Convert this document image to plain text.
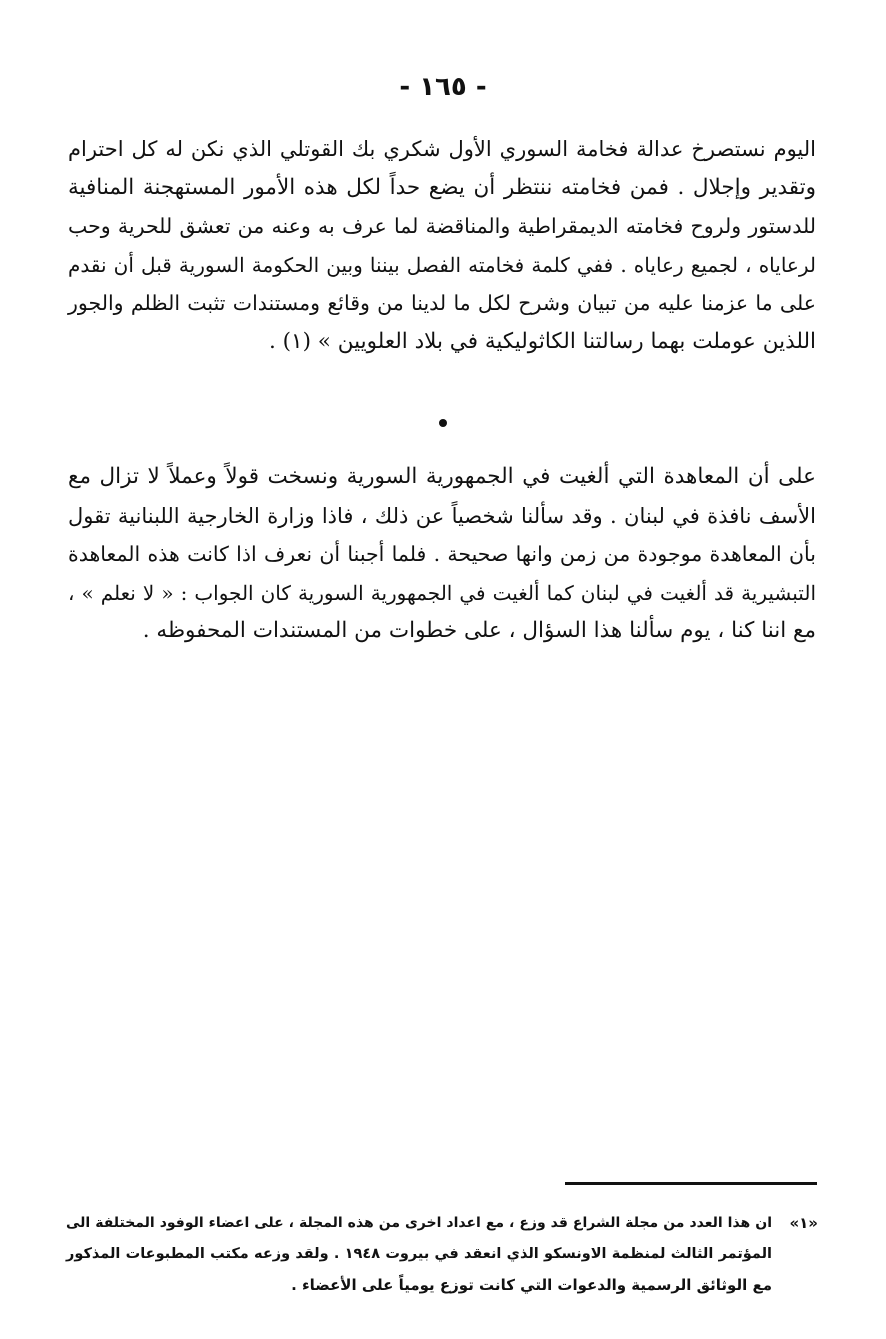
- ١٦٥ -
اليوم نستصرخ عدالة فخامة السوري الأول شكري بك القوتلي الذي نكن له كل احترام
وتقدير وإجلال . فمن فخامته ننتظر أن يضع حداً لكل هذه الأمور المستهجنة المنافية
للدستور ولروح فخامته الديمقراطية والمناقضة لما عرف به وعنه من تعشق للحرية وحب
لرعاياه ، لجميع رعاياه . ففي كلمة فخامته الفصل بيننا وبين الحكومة السورية قبل أن نقدم
على ما عزمنا عليه من تبيان وشرح لكل ما لدينا من وقائع ومستندات تثبت الظلم والجور
اللذين عوملت بهما رسالتنا الكاثوليكية في بلاد العلويين » (١) .
على أن المعاهدة التي ألغيت في الجمهورية السورية ونسخت قولاً وعملاً لا تزال مع
الأسف نافذة في لبنان . وقد سألنا شخصياً عن ذلك ، فاذا وزارة الخارجية اللبنانية تقول
بأن المعاهدة موجودة من زمن وانها صحيحة . فلما أجبنا أن نعرف اذا كانت هذه المعاهدة
التبشيرية قد ألغيت في لبنان كما ألغيت في الجمهورية السورية كان الجواب : « لا نعلم » ،
مع اننا كنا ، يوم سألنا هذا السؤال ، على خطوات من المستندات المحفوظه .
«١»
ان هذا العدد من مجلة الشراع قد وزع ، مع اعداد اخرى من هذه المجلة ، على اعضاء الوفود المختلفة الى
المؤتمر الثالث لمنظمة الاونسكو الذي انعقد في بيروت ١٩٤٨ . ولقد وزعه مكتب المطبوعات المذكور
مع الوثائق الرسمية والدعوات التي كانت توزع يومياً على الأعضاء .
